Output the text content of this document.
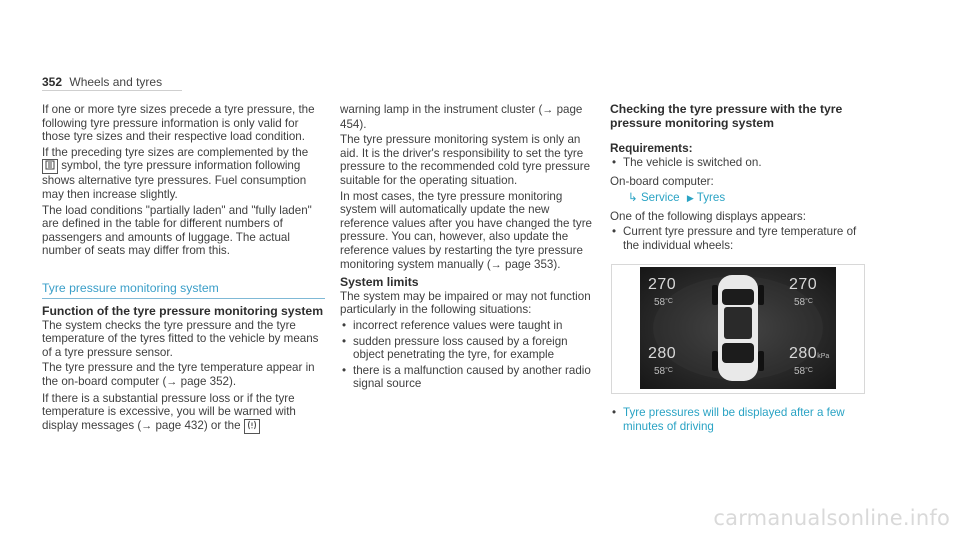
352 Wheels and tyres

If one or more tyre sizes precede a tyre pressure, the following tyre pressure information is only valid for those tyre sizes and their respective load condition.

If the preceding tyre sizes are complemented by the  symbol, the tyre pressure information following shows alternative tyre pressures. Fuel consumption may then increase slightly.

The load conditions "partially laden" and "fully laden" are defined in the table for different numbers of passengers and amounts of luggage. The actual number of seats may differ from this.

Tyre pressure monitoring system

Function of the tyre pressure monitoring system

The system checks the tyre pressure and the tyre temperature of the tyres fitted to the vehicle by means of a tyre pressure sensor.

The tyre pressure and the tyre temperature appear in the on-board computer (→ page 352).

If there is a substantial pressure loss or if the tyre temperature is excessive, you will be warned with display messages (→ page 432) or the

warning lamp in the instrument cluster (→ page 454).

The tyre pressure monitoring system is only an aid. It is the driver's responsibility to set the tyre pressure to the recommended cold tyre pressure suitable for the operating situation.

In most cases, the tyre pressure monitoring system will automatically update the new reference values after you have changed the tyre pressure. You can, however, also update the reference values by restarting the tyre pressure monitoring system manually (→ page 353).

System limits

The system may be impaired or may not function particularly in the following situations:

• incorrect reference values were taught in

• sudden pressure loss caused by a foreign object penetrating the tyre, for example

• there is a malfunction caused by another radio signal source

Checking the tyre pressure with the tyre pressure monitoring system

Requirements:

• The vehicle is switched on.

On-board computer:

↳ Service ▶ Tyres

One of the following displays appears:

• Current tyre pressure and tyre temperature of the individual wheels:

270
$58^{^\circ C}$
270
$58^{^\circ C}$
280
$58^{^\circ C}$
280kPa
$58^{^\circ C}$

• Tyre pressures will be displayed after a few minutes of driving

carmanualsonline.info
